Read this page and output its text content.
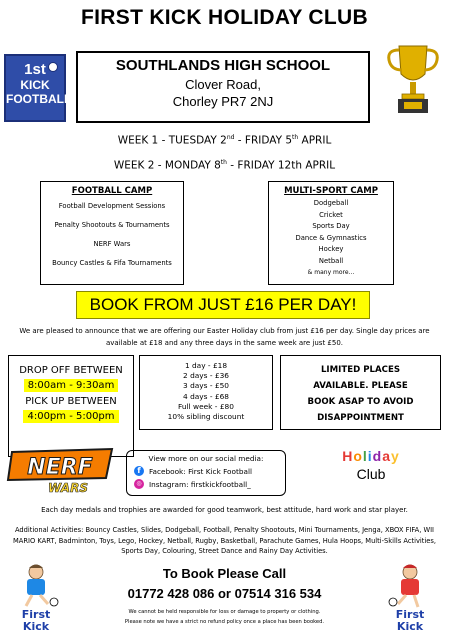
FIRST KICK HOLIDAY CLUB
1st
KICK
FOOTBALL
SOUTHLANDS HIGH SCHOOL
Clover Road,
Chorley PR7 2NJ
WEEK 1 - TUESDAY 2nd - FRIDAY 5th APRIL
WEEK 2 - MONDAY 8th - FRIDAY 12th APRIL
FOOTBALL CAMP
Football Development Sessions
Penalty Shootouts & Tournaments
NERF Wars
Bouncy Castles & Fifa Tournaments
MULTI-SPORT CAMP
Dodgeball
Cricket
Sports Day
Dance & Gymnastics
Hockey
Netball
& many more...
BOOK FROM JUST £16 PER DAY!
We are pleased to announce that we are offering our Easter Holiday club from just £16 per day. Single day prices are available at £18 and any three days in the same week are just £50.
DROP OFF BETWEEN
8:00am - 9:30am
PICK UP BETWEEN
4:00pm - 5:00pm
1 day - £18
2 days - £36
3 days - £50
4 days - £68
Full week - £80
10% sibling discount
LIMITED PLACES
AVAILABLE. PLEASE
BOOK ASAP TO AVOID
DISAPPOINTMENT
NERF
WARS
View more on our social media:
f	Facebook: First Kick Football
◎	Instagram: firstkickfootball_
Holiday
Club
Each day medals and trophies are awarded for good teamwork, best attitude, hard work and star player.
Additional Activities: Bouncy Castles, Slides, Dodgeball, Football, Penalty Shootouts, Mini Tournaments, Jenga, XBOX FIFA, WII MARIO KART, Badminton, Toys, Lego, Hockey, Netball, Rugby, Basketball, Parachute Games, Hula Hoops, Multi-Skills Activities, Sports Day, Colouring, Street Dance and Rainy Day Activities.
First
Kick
First
Kick
To Book Please Call
01772 428 086 or 07514 316 534
We cannot be held responsible for loss or damage to property or clothing.
Please note we have a strict no refund policy once a place has been booked.
